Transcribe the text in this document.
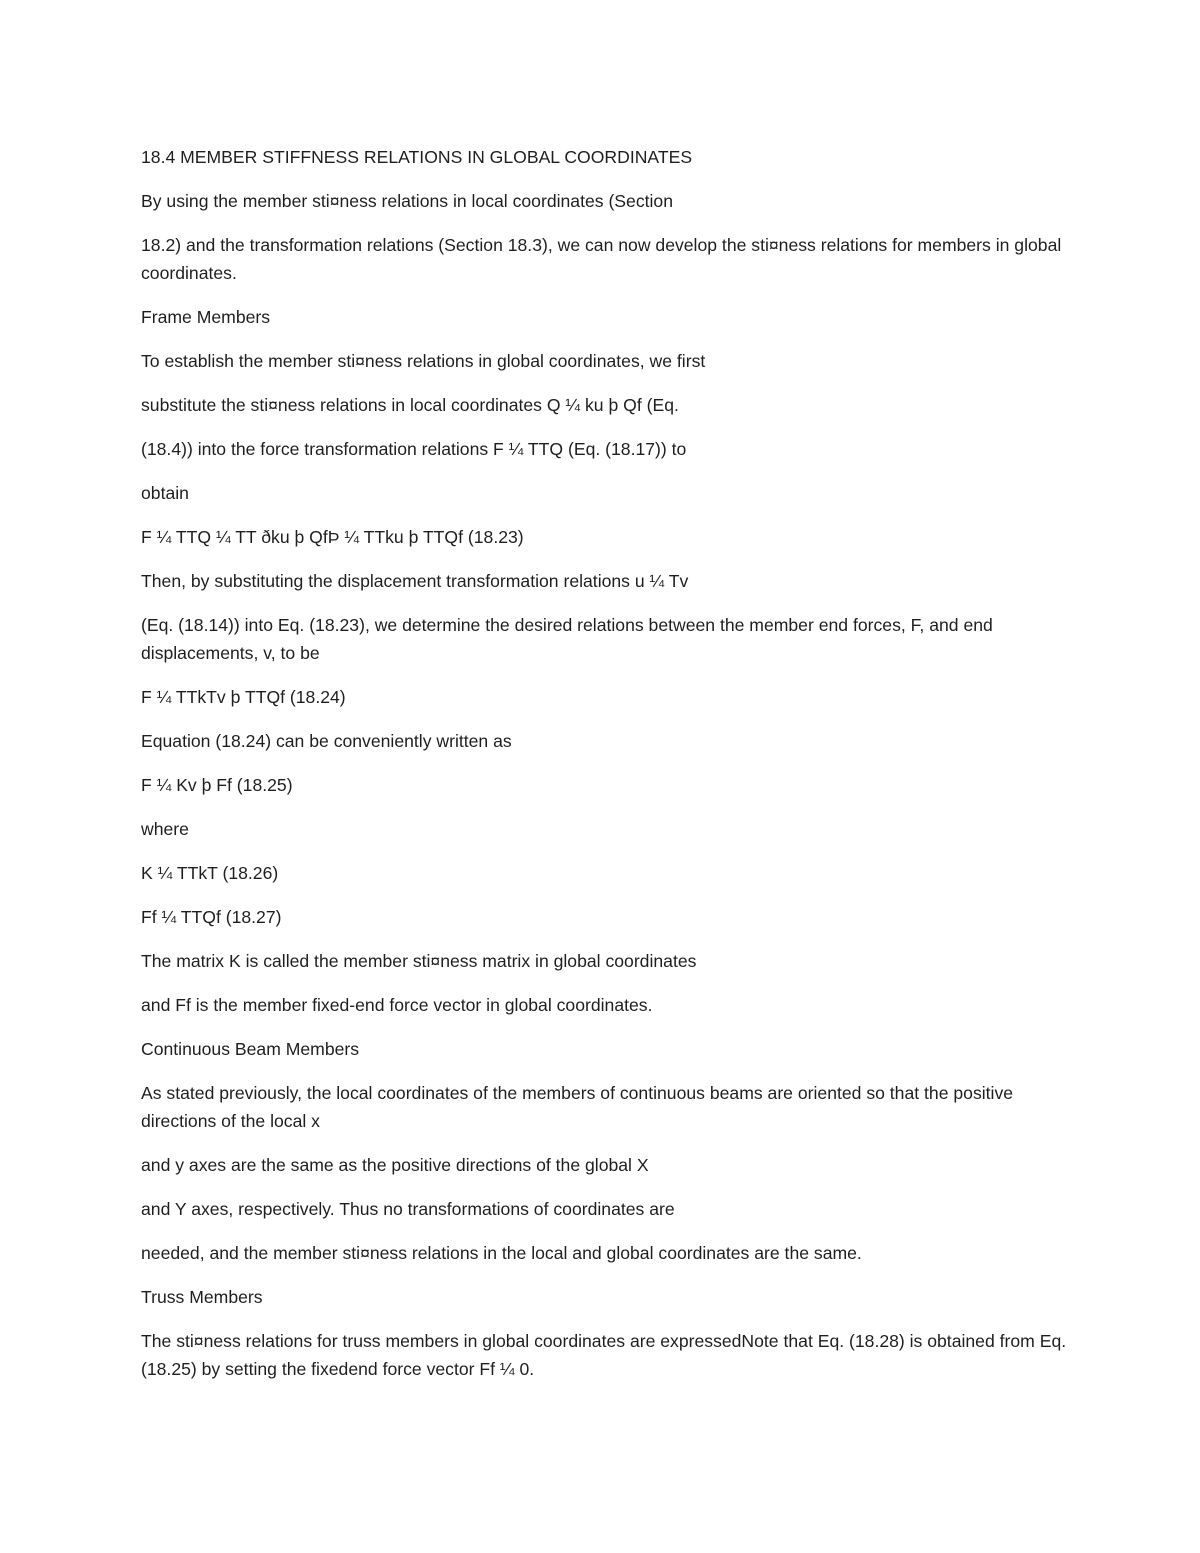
18.4 MEMBER STIFFNESS RELATIONS IN GLOBAL COORDINATES

By using the member sti¤ness relations in local coordinates (Section

18.2) and the transformation relations (Section 18.3), we can now develop the sti¤ness relations for members in global coordinates.

Frame Members

To establish the member sti¤ness relations in global coordinates, we first

substitute the sti¤ness relations in local coordinates Q ¼ ku þ Qf (Eq.

(18.4)) into the force transformation relations F ¼ TTQ (Eq. (18.17)) to

obtain

F ¼ TTQ ¼ TT ðku þ QfÞ ¼ TTku þ TTQf (18.23)

Then, by substituting the displacement transformation relations u ¼ Tv

(Eq. (18.14)) into Eq. (18.23), we determine the desired relations between the member end forces, F, and end displacements, v, to be

F ¼ TTkTv þ TTQf (18.24)

Equation (18.24) can be conveniently written as

F ¼ Kv þ Ff (18.25)

where

K ¼ TTkT (18.26)

Ff ¼ TTQf (18.27)

The matrix K is called the member sti¤ness matrix in global coordinates

and Ff is the member fixed-end force vector in global coordinates.

Continuous Beam Members

As stated previously, the local coordinates of the members of continuous beams are oriented so that the positive directions of the local x

and y axes are the same as the positive directions of the global X

and Y axes, respectively. Thus no transformations of coordinates are

needed, and the member sti¤ness relations in the local and global coordinates are the same.

Truss Members

The sti¤ness relations for truss members in global coordinates are expressedNote that Eq. (18.28) is obtained from Eq. (18.25) by setting the fixedend force vector Ff ¼ 0.
